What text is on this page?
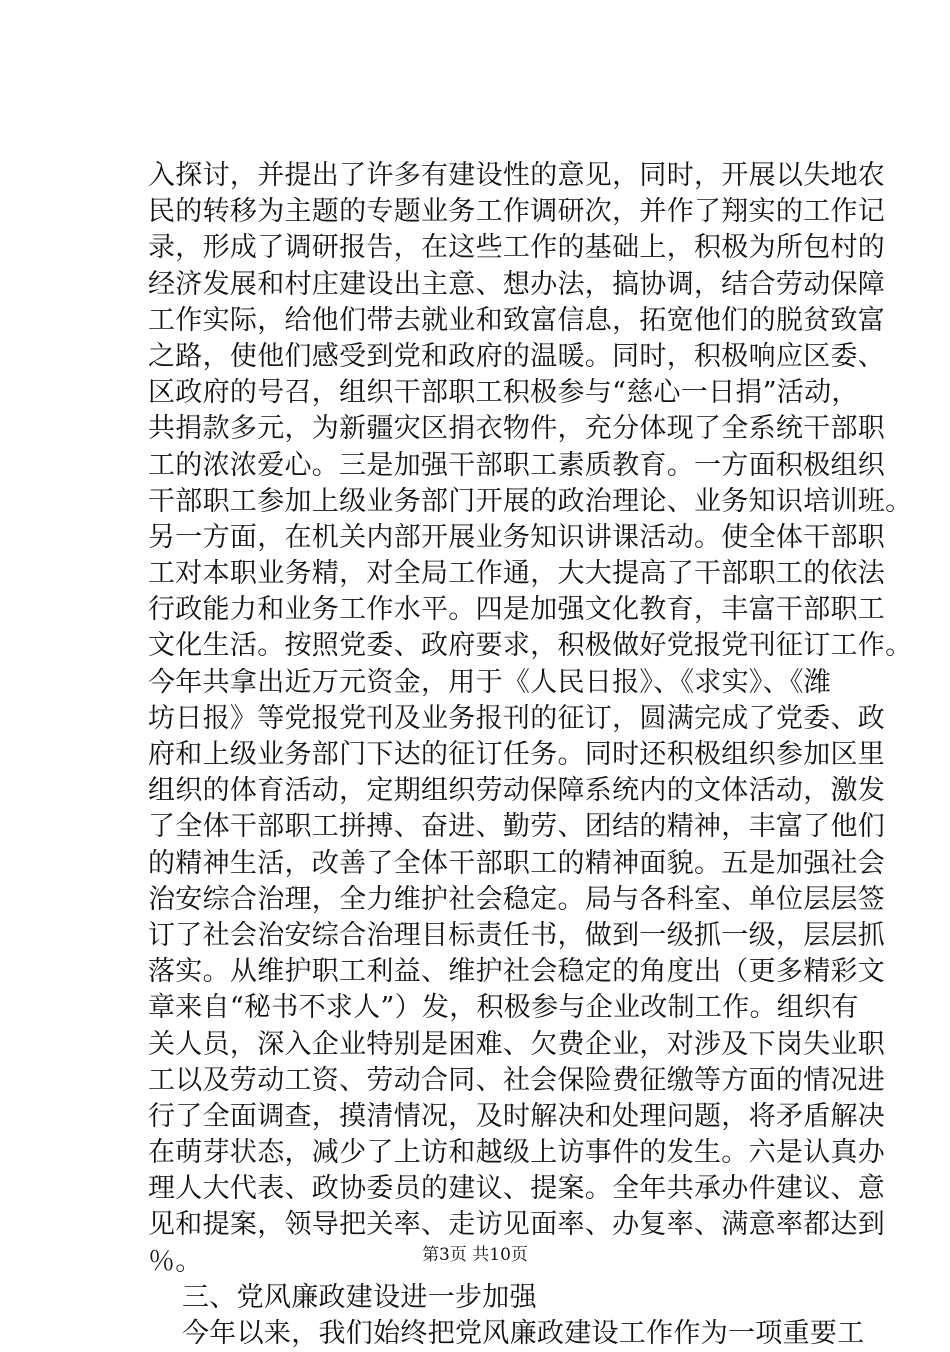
入探讨，并提出了许多有建设性的意见，同时，开展以失地农
民的转移为主题的专题业务工作调研次，并作了翔实的工作记
录，形成了调研报告，在这些工作的基础上，积极为所包村的
经济发展和村庄建设出主意、想办法，搞协调，结合劳动保障
工作实际，给他们带去就业和致富信息，拓宽他们的脱贫致富
之路，使他们感受到党和政府的温暖。同时，积极响应区委、
区政府的号召，组织干部职工积极参与“慈心一日捐”活动，
共捐款多元，为新疆灾区捐衣物件，充分体现了全系统干部职
工的浓浓爱心。三是加强干部职工素质教育。一方面积极组织
干部职工参加上级业务部门开展的政治理论、业务知识培训班。
另一方面，在机关内部开展业务知识讲课活动。使全体干部职
工对本职业务精，对全局工作通，大大提高了干部职工的依法
行政能力和业务工作水平。四是加强文化教育，丰富干部职工
文化生活。按照党委、政府要求，积极做好党报党刊征订工作。
今年共拿出近万元资金，用于《人民日报》、《求实》、《潍
坊日报》等党报党刊及业务报刊的征订，圆满完成了党委、政
府和上级业务部门下达的征订任务。同时还积极组织参加区里
组织的体育活动，定期组织劳动保障系统内的文体活动，激发
了全体干部职工拼搏、奋进、勤劳、团结的精神，丰富了他们
的精神生活，改善了全体干部职工的精神面貌。五是加强社会
治安综合治理，全力维护社会稳定。局与各科室、单位层层签
订了社会治安综合治理目标责任书，做到一级抓一级，层层抓
落实。从维护职工利益、维护社会稳定的角度出（更多精彩文
章来自“秘书不求人”）发，积极参与企业改制工作。组织有
关人员，深入企业特别是困难、欠费企业，对涉及下岗失业职
工以及劳动工资、劳动合同、社会保险费征缴等方面的情况进
行了全面调查，摸清情况，及时解决和处理问题，将矛盾解决
在萌芽状态，减少了上访和越级上访事件的发生。六是认真办
理人大代表、政协委员的建议、提案。全年共承办件建议、意
见和提案，领导把关率、走访见面率、办复率、满意率都达到
％。
三、党风廉政建设进一步加强
今年以来，我们始终把党风廉政建设工作作为一项重要工
第3页 共10页
